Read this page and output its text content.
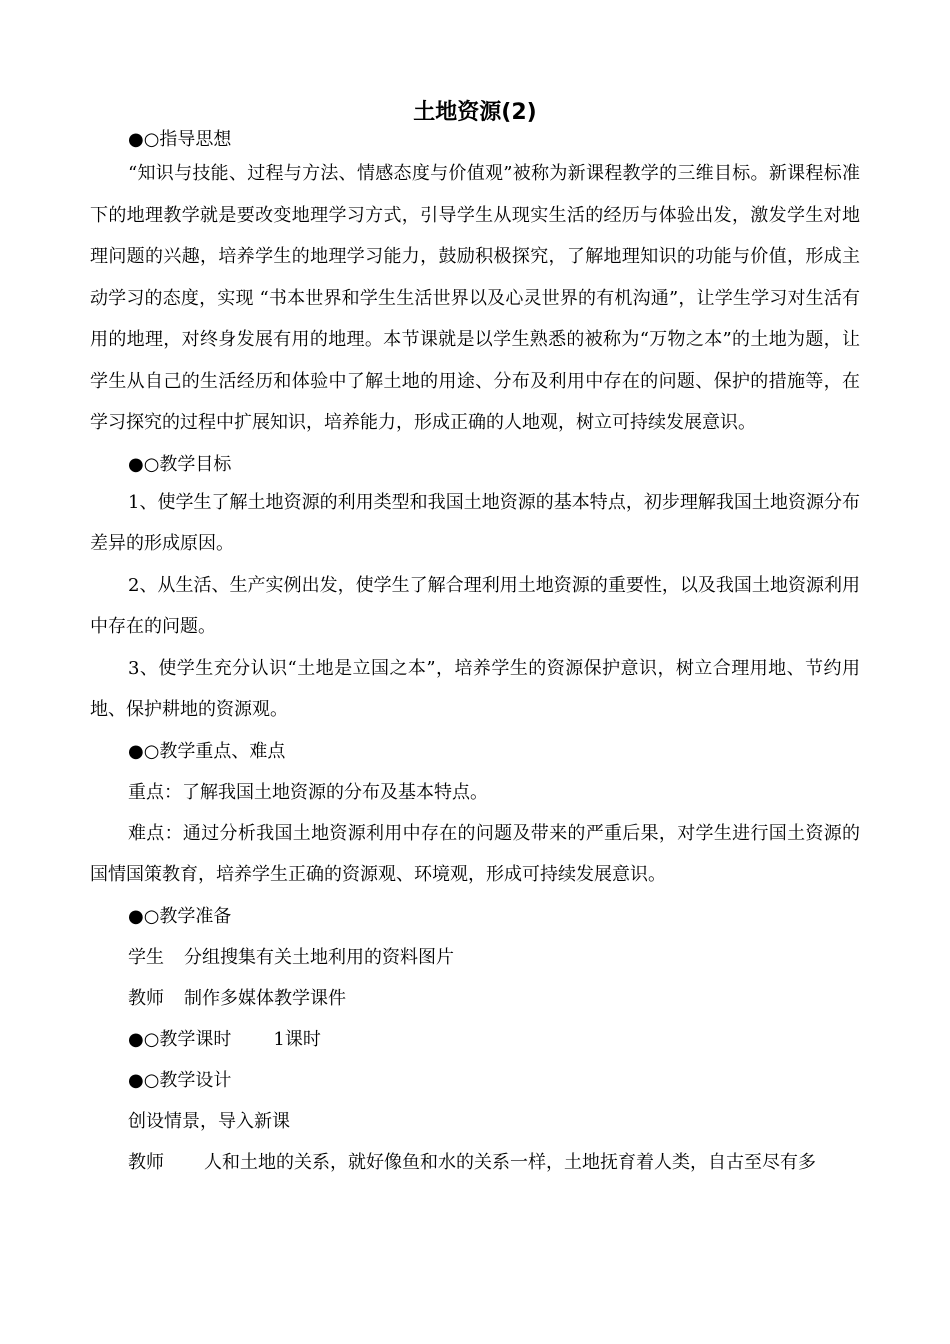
土地资源(2)

●○指导思想

“知识与技能、过程与方法、情感态度与价值观”被称为新课程教学的三维目标。新课程标准下的地理教学就是要改变地理学习方式，引导学生从现实生活的经历与体验出发，激发学生对地理问题的兴趣，培养学生的地理学习能力，鼓励积极探究，了解地理知识的功能与价值，形成主动学习的态度，实现 “书本世界和学生生活世界以及心灵世界的有机沟通”，让学生学习对生活有用的地理，对终身发展有用的地理。本节课就是以学生熟悉的被称为“万物之本”的土地为题，让学生从自己的生活经历和体验中了解土地的用途、分布及利用中存在的问题、保护的措施等，在学习探究的过程中扩展知识，培养能力，形成正确的人地观，树立可持续发展意识。

●○教学目标

1、使学生了解土地资源的利用类型和我国土地资源的基本特点，初步理解我国土地资源分布差异的形成原因。

2、从生活、生产实例出发，使学生了解合理利用土地资源的重要性，以及我国土地资源利用中存在的问题。

3、使学生充分认识“土地是立国之本”，培养学生的资源保护意识，树立合理用地、节约用地、保护耕地的资源观。

●○教学重点、难点

重点：了解我国土地资源的分布及基本特点。

难点：通过分析我国土地资源利用中存在的问题及带来的严重后果，对学生进行国土资源的国情国策教育，培养学生正确的资源观、环境观，形成可持续发展意识。

●○教学准备

学生 分组搜集有关土地利用的资料图片

教师 制作多媒体教学课件

●○教学课时 1课时

●○教学设计

创设情景，导入新课

教师 人和土地的关系，就好像鱼和水的关系一样，土地抚育着人类，自古至尽有多
